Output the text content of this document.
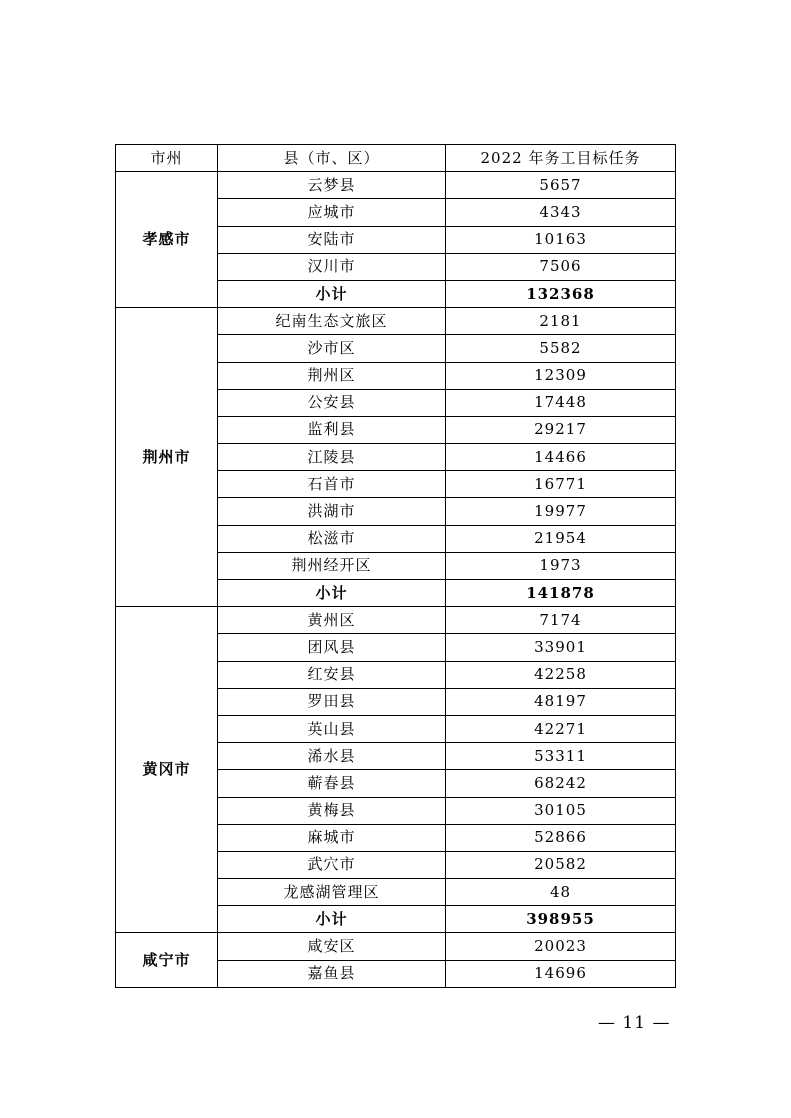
市州	县（市、区）	2022 年务工目标任务
孝感市	云梦县	5657
	应城市	4343
	安陆市	10163
	汉川市	7506
	小计	132368
荆州市	纪南生态文旅区	2181
	沙市区	5582
	荆州区	12309
	公安县	17448
	监利县	29217
	江陵县	14466
	石首市	16771
	洪湖市	19977
	松滋市	21954
	荆州经开区	1973
	小计	141878
黄冈市	黄州区	7174
	团风县	33901
	红安县	42258
	罗田县	48197
	英山县	42271
	浠水县	53311
	蕲春县	68242
	黄梅县	30105
	麻城市	52866
	武穴市	20582
	龙感湖管理区	48
	小计	398955
咸宁市	咸安区	20023
	嘉鱼县	14696
— 11 —
